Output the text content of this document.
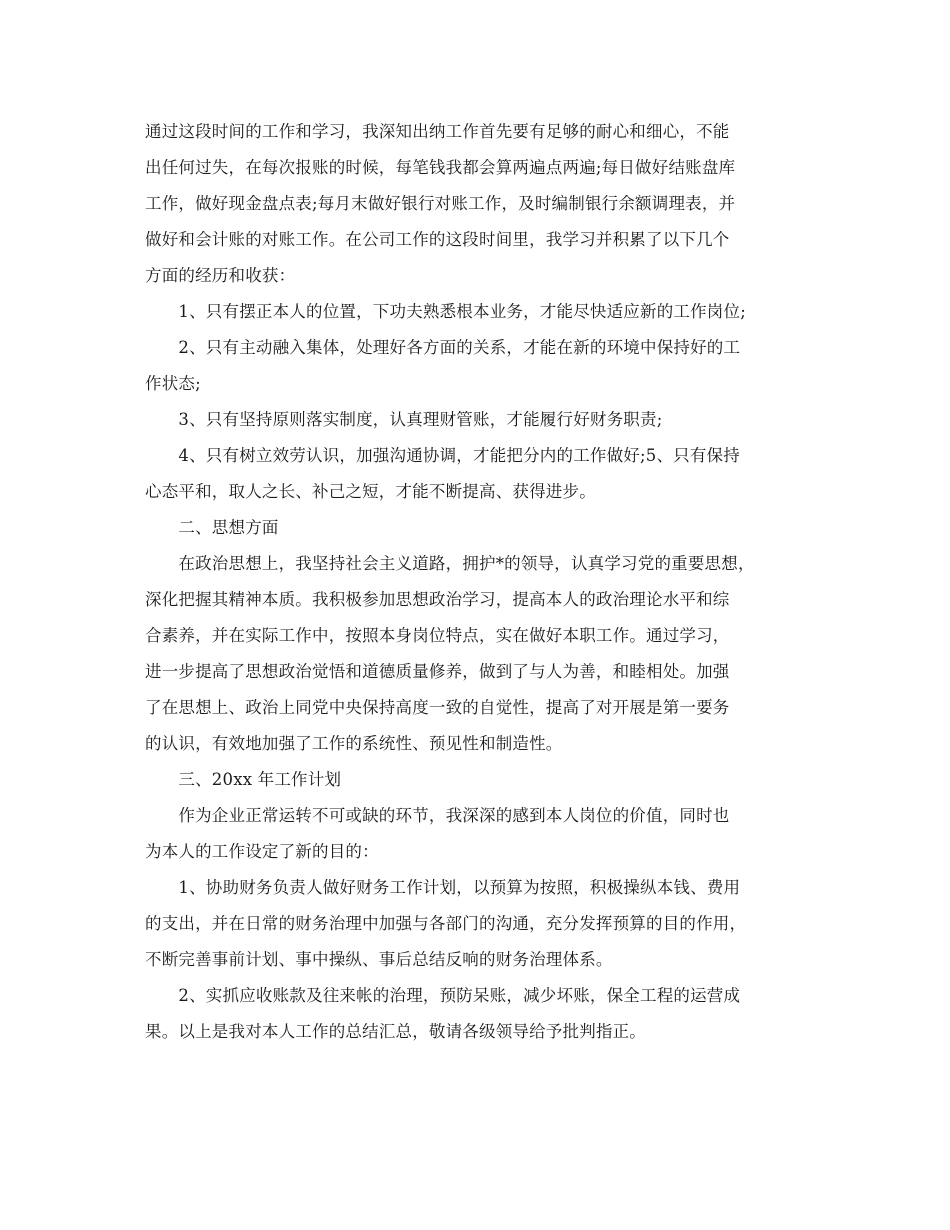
通过这段时间的工作和学习，我深知出纳工作首先要有足够的耐心和细心，不能
出任何过失，在每次报账的时候，每笔钱我都会算两遍点两遍;每日做好结账盘库
工作，做好现金盘点表;每月末做好银行对账工作，及时编制银行余额调理表，并
做好和会计账的对账工作。在公司工作的这段时间里，我学习并积累了以下几个
方面的经历和收获：
　　1、只有摆正本人的位置，下功夫熟悉根本业务，才能尽快适应新的工作岗位;
　　2、只有主动融入集体，处理好各方面的关系，才能在新的环境中保持好的工
作状态;
　　3、只有坚持原则落实制度，认真理财管账，才能履行好财务职责;
　　4、只有树立效劳认识，加强沟通协调，才能把分内的工作做好;5、只有保持
心态平和，取人之长、补己之短，才能不断提高、获得进步。
　　二、思想方面
　　在政治思想上，我坚持社会主义道路，拥护*的领导，认真学习党的重要思想，
深化把握其精神本质。我积极参加思想政治学习，提高本人的政治理论水平和综
合素养，并在实际工作中，按照本身岗位特点，实在做好本职工作。通过学习，
进一步提高了思想政治觉悟和道德质量修养，做到了与人为善，和睦相处。加强
了在思想上、政治上同党中央保持高度一致的自觉性，提高了对开展是第一要务
的认识，有效地加强了工作的系统性、预见性和制造性。
　　三、20xx 年工作计划
　　作为企业正常运转不可或缺的环节，我深深的感到本人岗位的价值，同时也
为本人的工作设定了新的目的：
　　1、协助财务负责人做好财务工作计划，以预算为按照，积极操纵本钱、费用
的支出，并在日常的财务治理中加强与各部门的沟通，充分发挥预算的目的作用，
不断完善事前计划、事中操纵、事后总结反响的财务治理体系。
　　2、实抓应收账款及往来帐的治理，预防呆账，减少坏账，保全工程的运营成
果。以上是我对本人工作的总结汇总，敬请各级领导给予批判指正。
